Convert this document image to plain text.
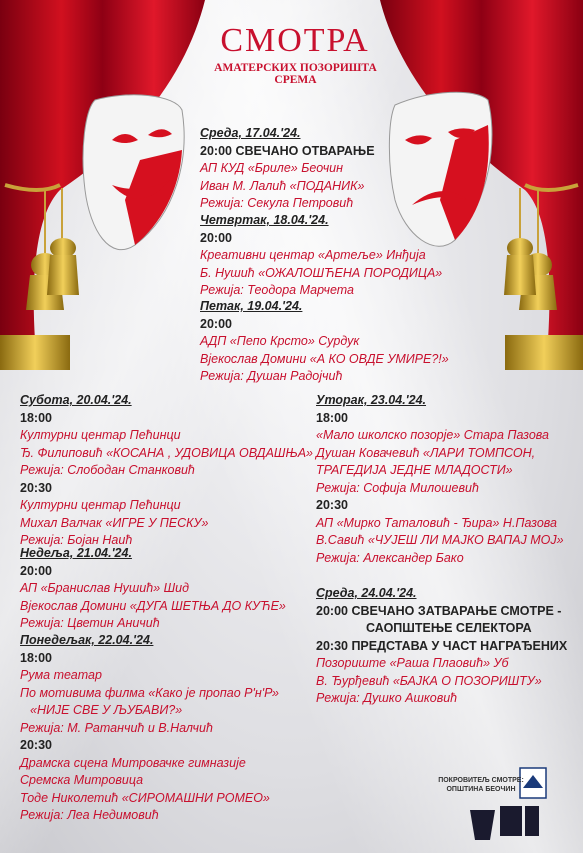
СМОТРА
АМАТЕРСКИХ ПОЗОРИШТА СРЕМА
Среда, 17.04.'24.
20:00 СВЕЧАНО ОТВАРАЊЕ
АП КУД «Бриле» Беочин
Иван М. Лалић «ПОДАНИК»
Режија: Секула Петровић
Четвртак, 18.04.'24.
20:00
Креативни центар «Артеље» Инђија
Б. Нушић «ОЖАЛОШЋЕНА ПОРОДИЦА»
Режија: Теодора Марчета
Петак, 19.04.'24.
20:00
АДП «Пепо Крсто» Сурдук
Вјекослав Домини «А КО ОВДЕ УМИРЕ?!»
Режија: Душан Радојчић
Субота, 20.04.'24.
18:00
Културни центар Пећинци
Ђ. Филиповић «КОСАНА , УДОВИЦА ОВДАШЊА»
Режија: Слободан Станковић
20:30
Културни центар Пећинци
Михал Валчак «ИГРЕ У ПЕСКУ»
Режија: Бојан Наић
Недеља, 21.04.'24.
20:00
АП «Бранислав Нушић» Шид
Вјекослав Домини «ДУГА ШЕТЊА ДО КУЋЕ»
Режија: Цветин Аничић
Понедељак, 22.04.'24.
18:00
Рума театар
По мотивима филма «Како је пропао Р'н'Р»
«НИЈЕ СВЕ У ЉУБАВИ?»
Режија: М. Ратанчић и В.Налчић
20:30
Драмска сцена Митровачке гимназије
Сремска Митровица
Тоде Николетић «СИРОМАШНИ РОМЕО»
Режија: Леа Недимовић
Уторак, 23.04.'24.
18:00
«Мало школско позорје» Стара Пазова
Душан Ковачевић «ЛАРИ ТОМПСОН,
ТРАГЕДИЈА ЈЕДНЕ МЛАДОСТИ»
Режија: Софија Милошевић
20:30
АП «Мирко Таталовић - Ђира» Н.Пазова
В.Савић «ЧУЈЕШ ЛИ МАЈКО ВАПАЈ МОЈ»
Режија: Александер Бако
Среда, 24.04.'24.
20:00 СВЕЧАНО ЗАТВАРАЊЕ СМОТРЕ -
САОПШТЕЊЕ СЕЛЕКТОРА
20:30 ПРЕДСТАВА У ЧАСТ НАГРАЂЕНИХ
Позориште «Раша Плаовић» Уб
В. Ђурђевић «БАЈКА О ПОЗОРИШТУ»
Режија: Душко Ашковић
ПОКРОВИТЕЉ СМОТРЕ:
ОПШТИНА БЕОЧИН
